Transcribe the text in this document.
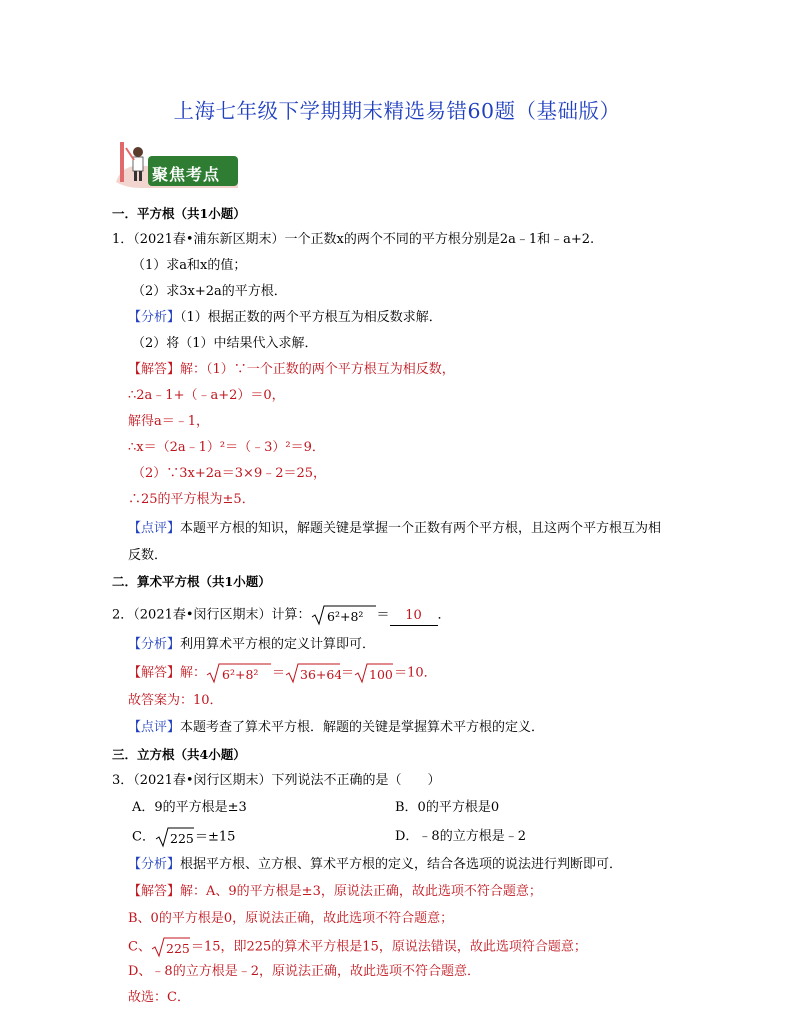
上海七年级下学期期末精选易错60题（基础版）
聚焦考点
一．平方根（共1小题）
1．（2021春•浦东新区期末）一个正数x的两个不同的平方根分别是2a﹣1和﹣a+2.
（1）求a和x的值；
（2）求3x+2a的平方根．
【分析】（1）根据正数的两个平方根互为相反数求解．
（2）将（1）中结果代入求解．
【解答】解：（1）∵一个正数的两个平方根互为相反数，
∴2a﹣1+（﹣a+2）＝0，
解得a＝﹣1，
∴x＝（2a﹣1）²＝（﹣3）²＝9．
（2）∵3x+2a＝3×9﹣2＝25，
∴25的平方根为±5．
【点评】本题平方根的知识，解题关键是掌握一个正数有两个平方根，且这两个平方根互为相
反数．
二．算术平方根（共1小题）
2．（2021春•闵行区期末）计算： 6²+8² ＝ 10 ．
【分析】利用算术平方根的定义计算即可．
【解答】解： 6²+8² ＝ 36+64
＝ 100 ＝10．
故答案为：10．
【点评】本题考查了算术平方根．解题的关键是掌握算术平方根的定义．
三．立方根（共4小题）
3．（2021春•闵行区期末）下列说法不正确的是（　　）
A．9的平方根是±3	B．0的平方根是0
C． 225 ＝±15	D．﹣8的立方根是﹣2
【分析】根据平方根、立方根、算术平方根的定义，结合各选项的说法进行判断即可．
【解答】解：A、9的平方根是±3，原说法正确，故此选项不符合题意；
B、0的平方根是0，原说法正确，故此选项不符合题意；
C、 225 ＝15，即225的算术平方根是15，原说法错误，故此选项符合题意；
D、﹣8的立方根是﹣2，原说法正确，故此选项不符合题意．
故选：C．
